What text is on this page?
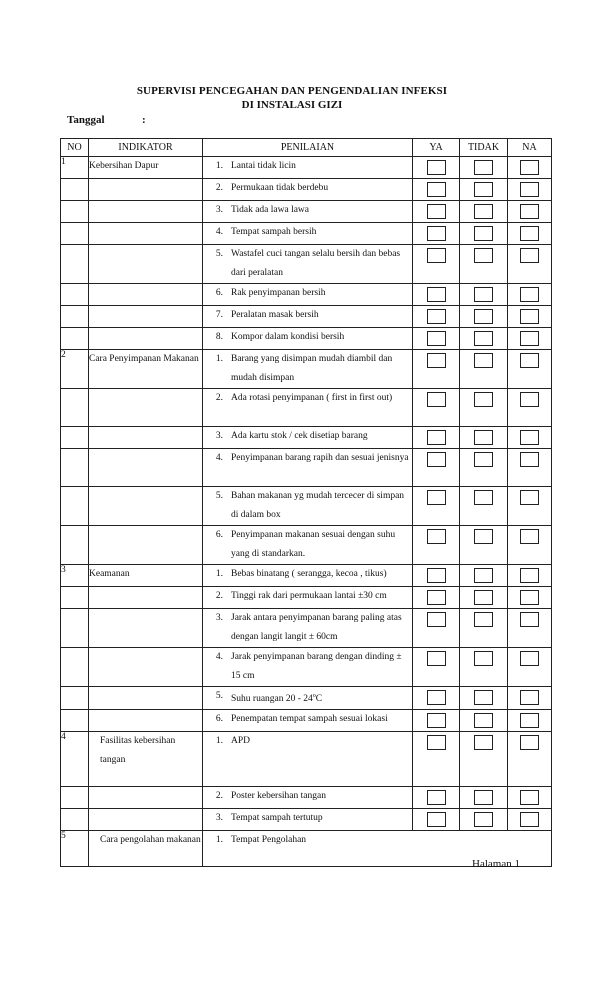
SUPERVISI PENCEGAHAN DAN PENGENDALIAN INFEKSI
DI INSTALASI GIZI
Tanggal	:
NO	INDIKATOR	PENILAIAN	YA	TIDAK	NA
1	Kebersihan Dapur	1. Lantai tidak licin			

		2. Permukaan tidak berdebu			

		3. Tidak ada lawa lawa			

		4. Tempat sampah bersih			

		5. Wastafel cuci tangan selalu bersih dan bebas dari peralatan			

		6. Rak penyimpanan bersih			

		7. Peralatan masak bersih			

		8. Kompor dalam kondisi bersih			

2	Cara Penyimpanan Makanan	1. Barang yang disimpan mudah diambil dan mudah disimpan			

		2. Ada rotasi penyimpanan ( first in first out)			

		3. Ada kartu stok / cek disetiap barang			

		4. Penyimpanan barang rapih dan sesuai jenisnya			

		5. Bahan makanan yg mudah tercecer di simpan di dalam box			

		6. Penyimpanan makanan sesuai dengan suhu yang di standarkan.			

3	Keamanan	1. Bebas binatang ( serangga, kecoa , tikus)			

		2. Tinggi rak dari permukaan lantai ±30 cm			

		3. Jarak antara penyimpanan barang paling atas dengan langit langit ± 60cm			

		4. Jarak penyimpanan barang dengan dinding ± 15 cm			

		5. Suhu ruangan 20 - 24$^o$C			

		6. Penempatan tempat sampah sesuai lokasi			

4	Fasilitas kebersihan tangan	1. APD			

		2. Poster kebersihan tangan			

		3. Tempat sampah tertutup			

5	Cara pengolahan makanan	1. Tempat Pengolahan			
Halaman 1
